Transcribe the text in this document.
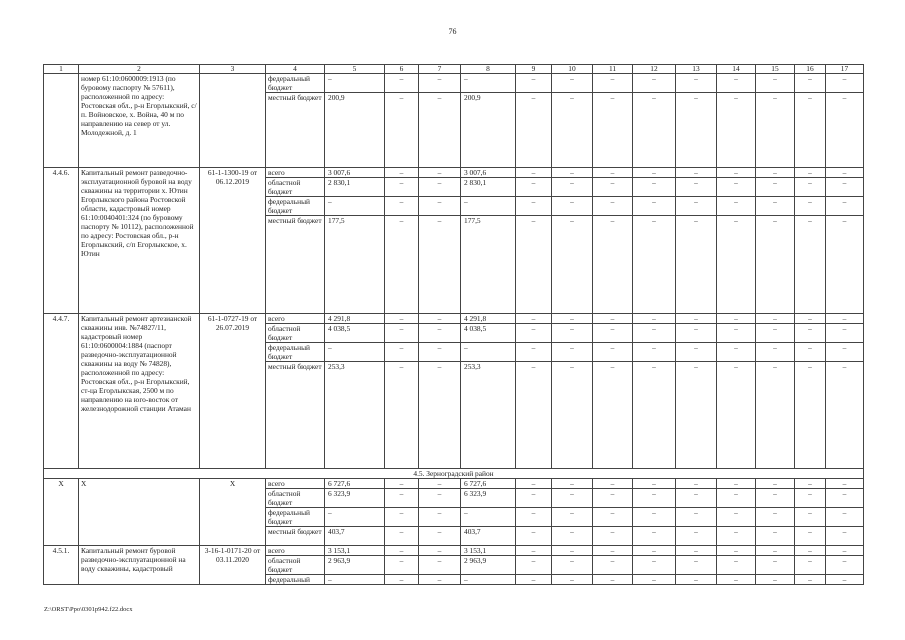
76
1	2	3	4	5	6	7	8	9	10	11	12	13	14	15	16	17
	номер 61:10:0600009:1913 (по буровому паспорту № 57611), расположенной по адресу: Ростовская обл., р-н Егорлыкский, с/п. Войновское, х. Война, 40 м по направлению на север от ул. Молодежной, д. 1		федеральный бюджет	–	–	–	–	–	–	–	–	–	–	–	–	–
			местный бюджет	200,9	–	–	200,9	–	–	–	–	–	–	–	–	–
4.4.6.	Капитальный ремонт разведочно-эксплуатационной буровой на воду скважины на территории х. Ютин Егорлыкского района Ростовской области, кадастровый номер 61:10:0040401:324 (по буровому паспорту № 10112), расположенной по адресу: Ростовская обл., р-н Егорлыкский, с/п Егорлыкское, х. Ютин	61-1-1300-19 от 06.12.2019	всего	3 007,6	–	–	3 007,6	–	–	–	–	–	–	–	–	–
			областной бюджет	2 830,1	–	–	2 830,1	–	–	–	–	–	–	–	–	–
			федеральный бюджет	–	–	–	–	–	–	–	–	–	–	–	–	–
			местный бюджет	177,5	–	–	177,5	–	–	–	–	–	–	–	–	–
4.4.7.	Капитальный ремонт артезианской скважины инв. №74827/11, кадастровый номер 61:10:0600004:1884 (паспорт разведочно-эксплуатационной скважины на воду № 74828), расположенной по адресу: Ростовская обл., р-н Егорлыкский, ст-ца Егорлыкская, 2500 м по направлению на юго-восток от железнодорожной станции Атаман	61-1-0727-19 от 26.07.2019	всего	4 291,8	–	–	4 291,8	–	–	–	–	–	–	–	–	–
			областной бюджет	4 038,5	–	–	4 038,5	–	–	–	–	–	–	–	–	–
			федеральный бюджет	–	–	–	–	–	–	–	–	–	–	–	–	–
			местный бюджет	253,3	–	–	253,3	–	–	–	–	–	–	–	–	–
4.5. Зерноградский район																
X	X	X	всего	6 727,6	–	–	6 727,6	–	–	–	–	–	–	–	–	–
			областной бюджет	6 323,9	–	–	6 323,9	–	–	–	–	–	–	–	–	–
			федеральный бюджет	–	–	–	–	–	–	–	–	–	–	–	–	–
			местный бюджет	403,7	–	–	403,7	–	–	–	–	–	–	–	–	–
4.5.1.	Капитальный ремонт буровой разведочно-эксплуатационной на воду скважины, кадастровый	3-16-1-0171-20 от 03.11.2020	всего	3 153,1	–	–	3 153,1	–	–	–	–	–	–	–	–	–
			областной бюджет	2 963,9	–	–	2 963,9	–	–	–	–	–	–	–	–	–
			федеральный	–	–	–	–	–	–	–	–	–	–	–	–	–
Z:\ORST\Ppo\0301p942.f22.docx
